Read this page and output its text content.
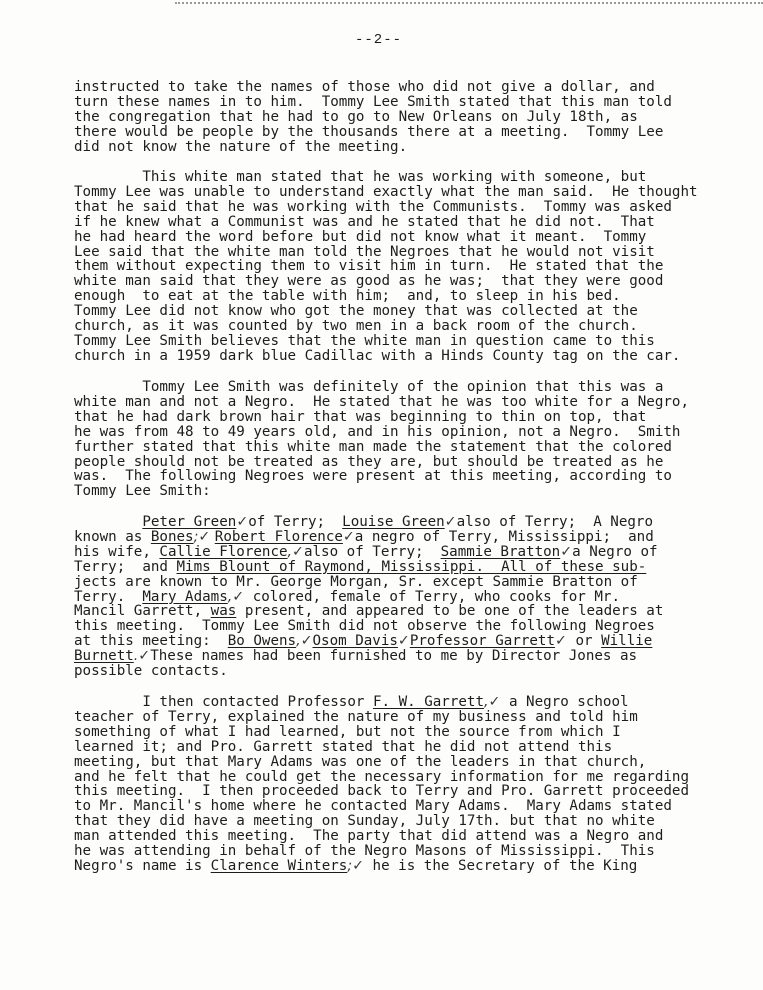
--2--
instructed to take the names of those who did not give a dollar, and
turn these names in to him.  Tommy Lee Smith stated that this man told
the congregation that he had to go to New Orleans on July 18th, as
there would be people by the thousands there at a meeting.  Tommy Lee
did not know the nature of the meeting.
This white man stated that he was working with someone, but
Tommy Lee was unable to understand exactly what the man said.  He thought
that he said that he was working with the Communists.  Tommy was asked
if he knew what a Communist was and he stated that he did not.  That
he had heard the word before but did not know what it meant.  Tommy
Lee said that the white man told the Negroes that he would not visit
them without expecting them to visit him in turn.  He stated that the
white man said that they were as good as he was;  that they were good
enough  to eat at the table with him;  and, to sleep in his bed.
Tommy Lee did not know who got the money that was collected at the
church, as it was counted by two men in a back room of the church.
Tommy Lee Smith believes that the white man in question came to this
church in a 1959 dark blue Cadillac with a Hinds County tag on the car.
Tommy Lee Smith was definitely of the opinion that this was a
white man and not a Negro.  He stated that he was too white for a Negro,
that he had dark brown hair that was beginning to thin on top, that
he was from 48 to 49 years old, and in his opinion, not a Negro.  Smith
further stated that this white man made the statement that the colored
people should not be treated as they are, but should be treated as he
was.  The following Negroes were present at this meeting, according to
Tommy Lee Smith:
Peter Green✓of Terry;  Louise Green✓also of Terry;  A Negro
known as Bones;✓ Robert Florence✓a negro of Terry, Mississippi;  and
his wife, Callie Florence,✓also of Terry;  Sammie Bratton✓a Negro of
Terry;  and Mims Blount of Raymond, Mississippi.  All of these sub-
jects are known to Mr. George Morgan, Sr. except Sammie Bratton of
Terry.  Mary Adams,✓ colored, female of Terry, who cooks for Mr.
Mancil Garrett, was present, and appeared to be one of the leaders at
this meeting.  Tommy Lee Smith did not observe the following Negroes
at this meeting:  Bo Owens,✓Osom Davis✓Professor Garrett✓ or Willie
Burnett.✓These names had been furnished to me by Director Jones as
possible contacts.
I then contacted Professor F. W. Garrett,✓ a Negro school
teacher of Terry, explained the nature of my business and told him
something of what I had learned, but not the source from which I
learned it; and Pro. Garrett stated that he did not attend this
meeting, but that Mary Adams was one of the leaders in that church,
and he felt that he could get the necessary information for me regarding
this meeting.  I then proceeded back to Terry and Pro. Garrett proceeded
to Mr. Mancil's home where he contacted Mary Adams.  Mary Adams stated
that they did have a meeting on Sunday, July 17th. but that no white
man attended this meeting.  The party that did attend was a Negro and
he was attending in behalf of the Negro Masons of Mississippi.  This
Negro's name is Clarence Winters;✓ he is the Secretary of the King
